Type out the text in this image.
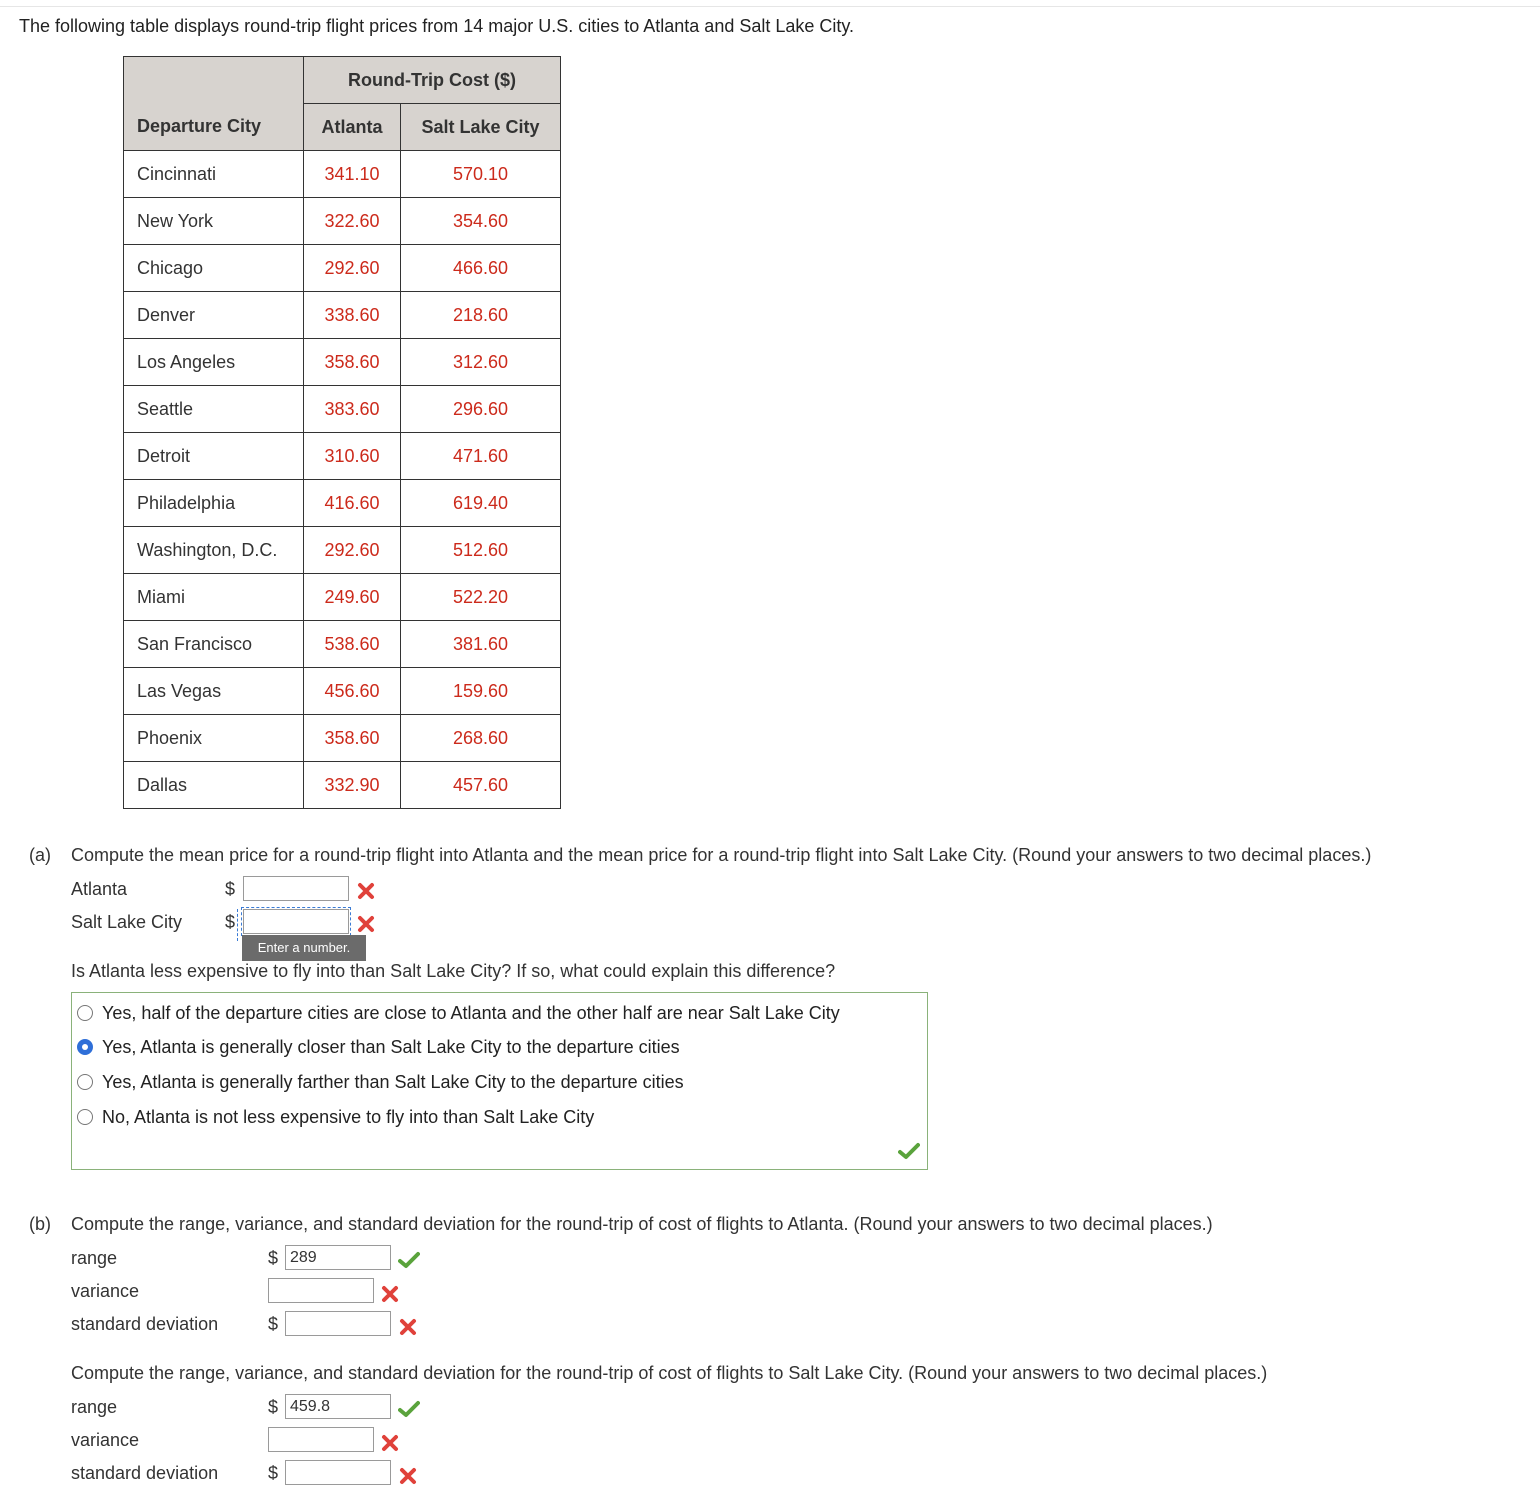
The following table displays round-trip flight prices from 14 major U.S. cities to Atlanta and Salt Lake City.
	Round-Trip Cost ($)	
Departure City	Atlanta	Salt Lake City
Cincinnati	341.10	570.10
New York	322.60	354.60
Chicago	292.60	466.60
Denver	338.60	218.60
Los Angeles	358.60	312.60
Seattle	383.60	296.60
Detroit	310.60	471.60
Philadelphia	416.60	619.40
Washington, D.C.	292.60	512.60
Miami	249.60	522.20
San Francisco	538.60	381.60
Las Vegas	456.60	159.60
Phoenix	358.60	268.60
Dallas	332.90	457.60
(a) Compute the mean price for a round-trip flight into Atlanta and the mean price for a round-trip flight into Salt Lake City. (Round your answers to two decimal places.)
Atlanta	$
Salt Lake City $
Enter a number.
Is Atlanta less expensive to fly into than Salt Lake City? If so, what could explain this difference?
Yes, half of the departure cities are close to Atlanta and the other half are near Salt Lake City
Yes, Atlanta is generally closer than Salt Lake City to the departure cities
Yes, Atlanta is generally farther than Salt Lake City to the departure cities
No, Atlanta is not less expensive to fly into than Salt Lake City
(b) Compute the range, variance, and standard deviation for the round-trip of cost of flights to Atlanta. (Round your answers to two decimal places.)
range	$ 289
variance
standard deviation	$
Compute the range, variance, and standard deviation for the round-trip of cost of flights to Salt Lake City. (Round your answers to two decimal places.)
range	$ 459.8
variance
standard deviation	$
